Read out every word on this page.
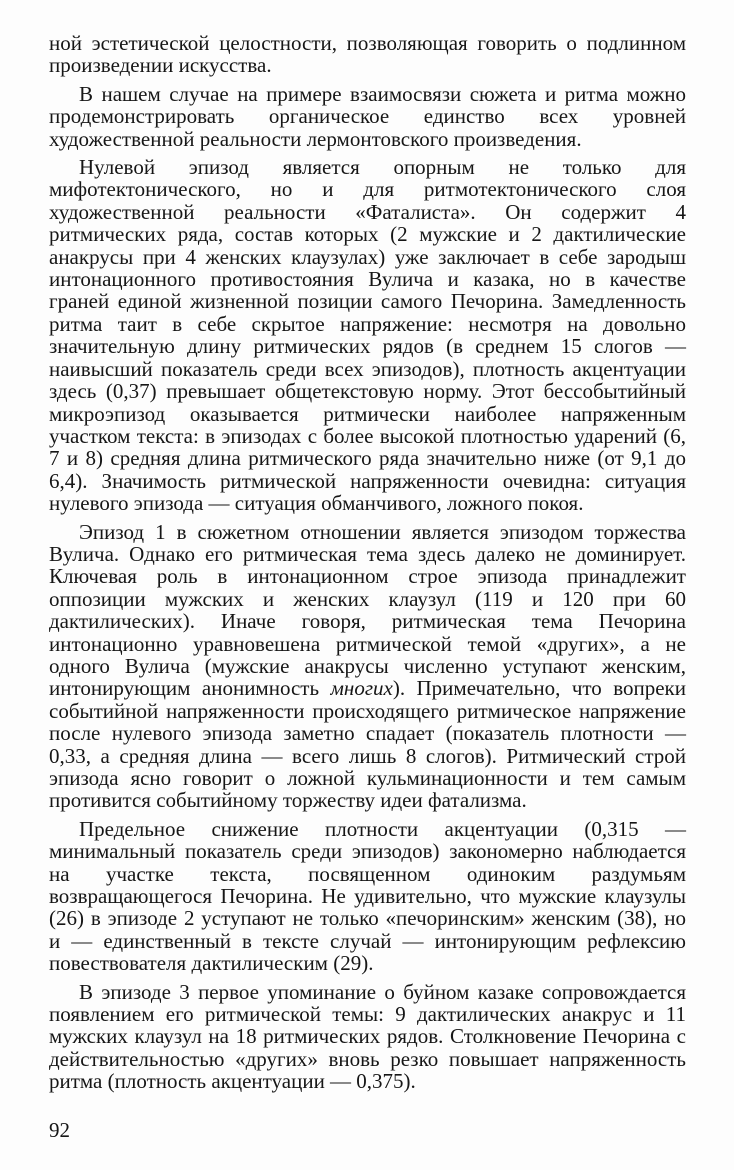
ной эстетической целостности, позволяющая говорить о подлинном произведении искусства.

В нашем случае на примере взаимосвязи сюжета и ритма можно продемонстрировать органическое единство всех уровней художественной реальности лермонтовского произведения.

Нулевой эпизод является опорным не только для мифотектонического, но и для ритмотектонического слоя художественной реальности «Фаталиста». Он содержит 4 ритмических ряда, состав которых (2 мужские и 2 дактилические анакрусы при 4 женских клаузулах) уже заключает в себе зародыш интонационного противостояния Вулича и казака, но в качестве граней единой жизненной позиции самого Печорина. Замедленность ритма таит в себе скрытое напряжение: несмотря на довольно значительную длину ритмических рядов (в среднем 15 слогов — наивысший показатель среди всех эпизодов), плотность акцентуации здесь (0,37) превышает общетекстовую норму. Этот бессобытийный микроэпизод оказывается ритмически наиболее напряженным участком текста: в эпизодах с более высокой плотностью ударений (6, 7 и 8) средняя длина ритмического ряда значительно ниже (от 9,1 до 6,4). Значимость ритмической напряженности очевидна: ситуация нулевого эпизода — ситуация обманчивого, ложного покоя.

Эпизод 1 в сюжетном отношении является эпизодом торжества Вулича. Однако его ритмическая тема здесь далеко не доминирует. Ключевая роль в интонационном строе эпизода принадлежит оппозиции мужских и женских клаузул (119 и 120 при 60 дактилических). Иначе говоря, ритмическая тема Печорина интонационно уравновешена ритмической темой «других», а не одного Вулича (мужские анакрусы численно уступают женским, интонирующим анонимность многих). Примечательно, что вопреки событийной напряженности происходящего ритмическое напряжение после нулевого эпизода заметно спадает (показатель плотности — 0,33, а средняя длина — всего лишь 8 слогов). Ритмический строй эпизода ясно говорит о ложной кульминационности и тем самым противится событийному торжеству идеи фатализма.

Предельное снижение плотности акцентуации (0,315 — минимальный показатель среди эпизодов) закономерно наблюдается на участке текста, посвященном одиноким раздумьям возвращающегося Печорина. Не удивительно, что мужские клаузулы (26) в эпизоде 2 уступают не только «печоринским» женским (38), но и — единственный в тексте случай — интонирующим рефлексию повествователя дактилическим (29).

В эпизоде 3 первое упоминание о буйном казаке сопровождается появлением его ритмической темы: 9 дактилических анакрус и 11 мужских клаузул на 18 ритмических рядов. Столкновение Печорина с действительностью «других» вновь резко повышает напряженность ритма (плотность акцентуации — 0,375).

92
